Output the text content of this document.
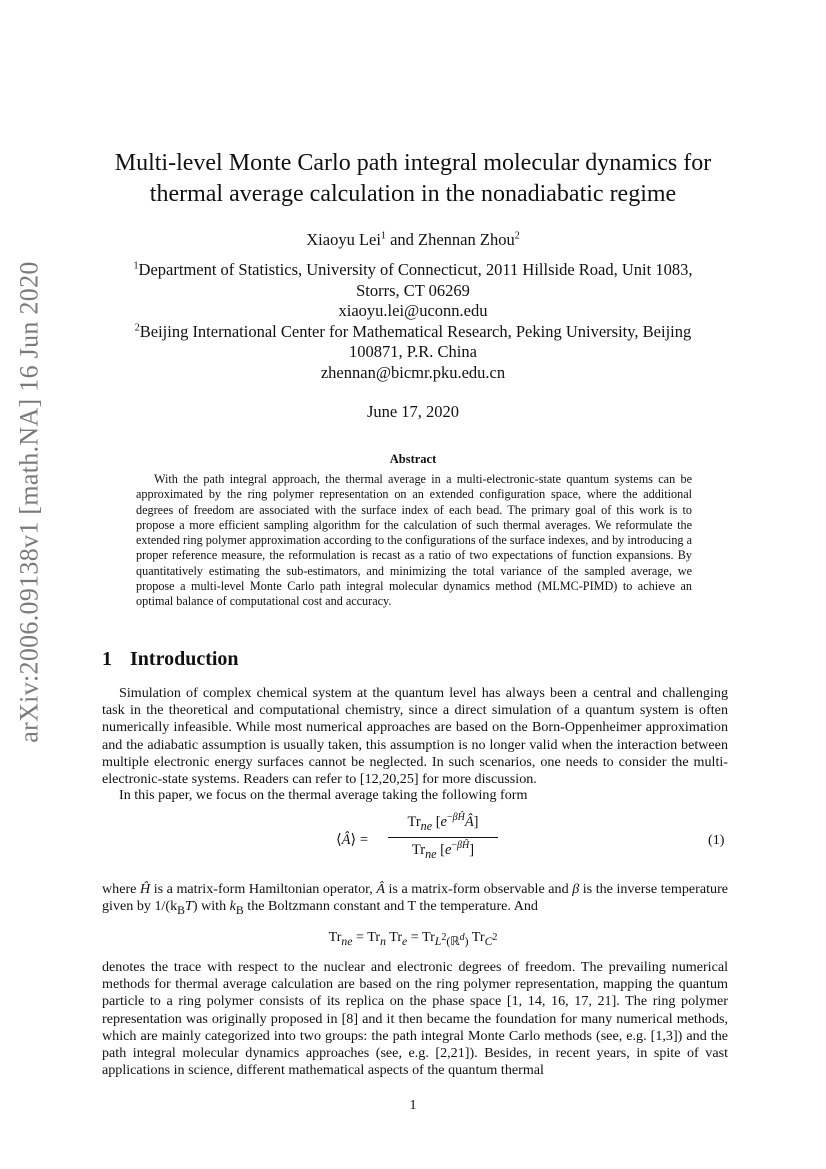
arXiv:2006.09138v1 [math.NA] 16 Jun 2020
Multi-level Monte Carlo path integral molecular dynamics for
thermal average calculation in the nonadiabatic regime
Xiaoyu Lei$^1$ and Zhennan Zhou$^2$
$^1$Department of Statistics, University of Connecticut, 2011 Hillside Road, Unit 1083,
Storrs, CT 06269
xiaoyu.lei@uconn.edu
$^2$Beijing International Center for Mathematical Research, Peking University, Beijing
100871, P.R. China
zhennan@bicmr.pku.edu.cn
June 17, 2020
Abstract

With the path integral approach, the thermal average in a multi-electronic-state quantum systems can be approximated by the ring polymer representation on an extended configuration space, where the additional degrees of freedom are associated with the surface index of each bead. The primary goal of this work is to propose a more efficient sampling algorithm for the calculation of such thermal averages. We reformulate the extended ring polymer approximation according to the configurations of the surface indexes, and by introducing a proper reference measure, the reformulation is recast as a ratio of two expectations of function expansions. By quantitatively estimating the sub-estimators, and minimizing the total variance of the sampled average, we propose a multi-level Monte Carlo path integral molecular dynamics method (MLMC-PIMD) to achieve an optimal balance of computational cost and accuracy.

1 Introduction

Simulation of complex chemical system at the quantum level has always been a central and challenging task in the theoretical and computational chemistry, since a direct simulation of a quantum system is often numerically infeasible. While most numerical approaches are based on the Born-Oppenheimer approximation and the adiabatic assumption is usually taken, this assumption is no longer valid when the interaction between multiple electronic energy surfaces cannot be neglected. In such scenarios, one needs to consider the multi-electronic-state systems. Readers can refer to [12,20,25] for more discussion.

In this paper, we focus on the thermal average taking the following form

⟨Â⟩ =
$Tr_{ne}$ $[e^{-\beta Ĥ}Â]$
$Tr_{ne}$ $[e^{-\beta Ĥ}]$
(1)

where Ĥ is a matrix-form Hamiltonian operator, Â is a matrix-form observable and β is the inverse temperature given by $1/(k_BT)$ with $k_B$ the Boltzmann constant and T the temperature. And

$Tr_{ne} = Tr_n$ $Tr_e = Tr_{L^2(ℝ^d)}$ $Tr_{C^2}$

denotes the trace with respect to the nuclear and electronic degrees of freedom. The prevailing numerical methods for thermal average calculation are based on the ring polymer representation, mapping the quantum particle to a ring polymer consists of its replica on the phase space [1, 14, 16, 17, 21]. The ring polymer representation was originally proposed in [8] and it then became the foundation for many numerical methods, which are mainly categorized into two groups: the path integral Monte Carlo methods (see, e.g. [1,3]) and the path integral molecular dynamics approaches (see, e.g. [2,21]). Besides, in recent years, in spite of vast applications in science, different mathematical aspects of the quantum thermal

1
